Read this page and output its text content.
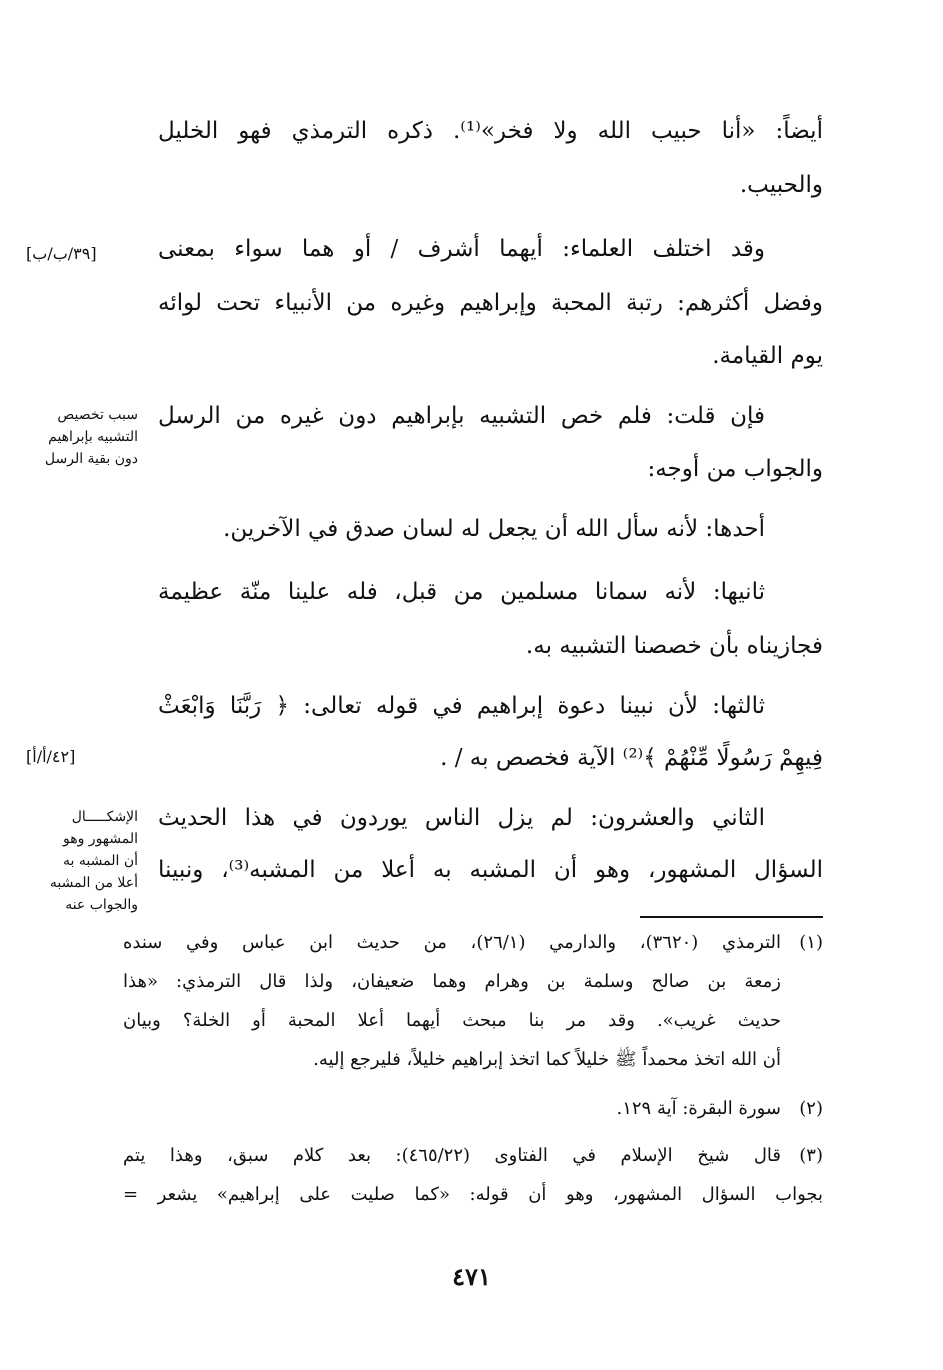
أيضاً: «أنا حبيب الله ولا فخر»⁽¹⁾. ذكره الترمذي فهو الخليل
والحبيب.
وقد اختلف العلماء: أيهما أشرف / أو هما سواء بمعنى
وفضل أكثرهم: رتبة المحبة وإبراهيم وغيره من الأنبياء تحت لوائه
يوم القيامة.
فإن قلت: فلم خص التشبيه بإبراهيم دون غيره من الرسل
والجواب من أوجه:
أحدها: لأنه سأل الله أن يجعل له لسان صدق في الآخرين.
ثانيها: لأنه سمانا مسلمين من قبل، فله علينا منّة عظيمة
فجازيناه بأن خصصنا التشبيه به.
ثالثها: لأن نبينا دعوة إبراهيم في قوله تعالى: ﴿ رَبَّنَا وَابْعَثْ
فِيهِمْ رَسُولًا مِّنْهُمْ ﴾⁽²⁾ الآية فخصص به / .
الثاني والعشرون: لم يزل الناس يوردون في هذا الحديث
السؤال المشهور، وهو أن المشبه به أعلا من المشبه⁽³⁾، ونبينا
[٣٩/ب/ب]
سبب تخصيص
التشبيه بإبراهيم
دون بقية الرسل
[٤٢/أ/أ]
الإشكـــــال
المشهور وهو
أن المشبه به
أعلا من المشبه
والجواب عنه
(١)
الترمذي (٣٦٢٠)، والدارمي (٢٦/١)، من حديث ابن عباس وفي سنده
زمعة بن صالح وسلمة بن وهرام وهما ضعيفان، ولذا قال الترمذي: «هذا
حديث غريب». وقد مر بنا مبحث أيهما أعلا المحبة أو الخلة؟ وبيان
أن الله اتخذ محمداً ﷺ خليلاً كما اتخذ إبراهيم خليلاً، فليرجع إليه.
(٢)
سورة البقرة: آية ١٢٩.
(٣)
قال شيخ الإسلام في الفتاوى (٤٦٥/٢٢): بعد كلام سبق، وهذا يتم
بجواب السؤال المشهور، وهو أن قوله: «كما صليت على إبراهيم» يشعر =
٤٧١
